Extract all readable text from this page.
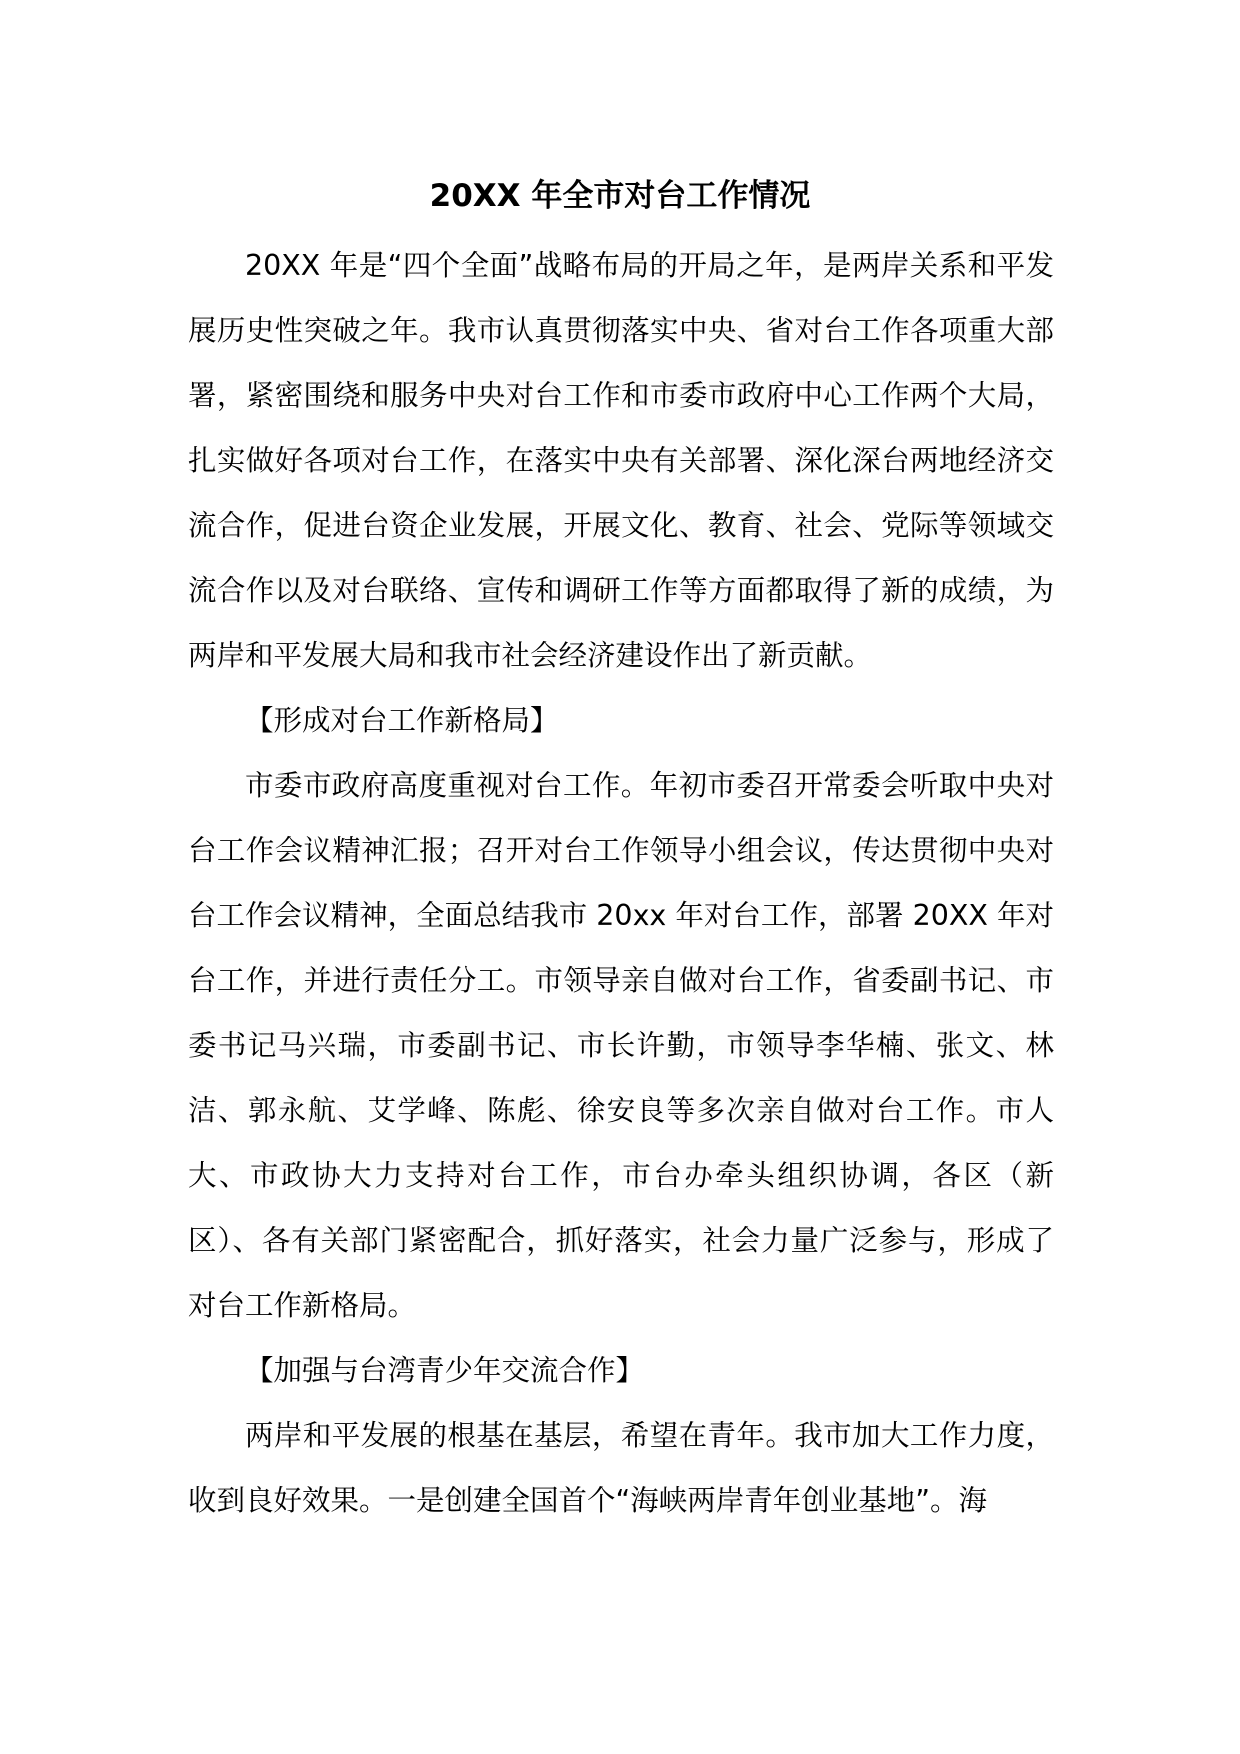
20XX 年全市对台工作情况

20XX 年是“四个全面”战略布局的开局之年，是两岸关系和平发展历史性突破之年。我市认真贯彻落实中央、省对台工作各项重大部署，紧密围绕和服务中央对台工作和市委市政府中心工作两个大局，扎实做好各项对台工作，在落实中央有关部署、深化深台两地经济交流合作，促进台资企业发展，开展文化、教育、社会、党际等领域交流合作以及对台联络、宣传和调研工作等方面都取得了新的成绩，为两岸和平发展大局和我市社会经济建设作出了新贡献。

【形成对台工作新格局】

市委市政府高度重视对台工作。年初市委召开常委会听取中央对台工作会议精神汇报；召开对台工作领导小组会议，传达贯彻中央对台工作会议精神，全面总结我市 20xx 年对台工作，部署 20XX 年对台工作，并进行责任分工。市领导亲自做对台工作，省委副书记、市委书记马兴瑞，市委副书记、市长许勤，市领导李华楠、张文、林洁、郭永航、艾学峰、陈彪、徐安良等多次亲自做对台工作。市人大、市政协大力支持对台工作，市台办牵头组织协调，各区（新区）、各有关部门紧密配合，抓好落实，社会力量广泛参与，形成了对台工作新格局。

【加强与台湾青少年交流合作】

两岸和平发展的根基在基层，希望在青年。我市加大工作力度，收到良好效果。一是创建全国首个“海峡两岸青年创业基地”。海
